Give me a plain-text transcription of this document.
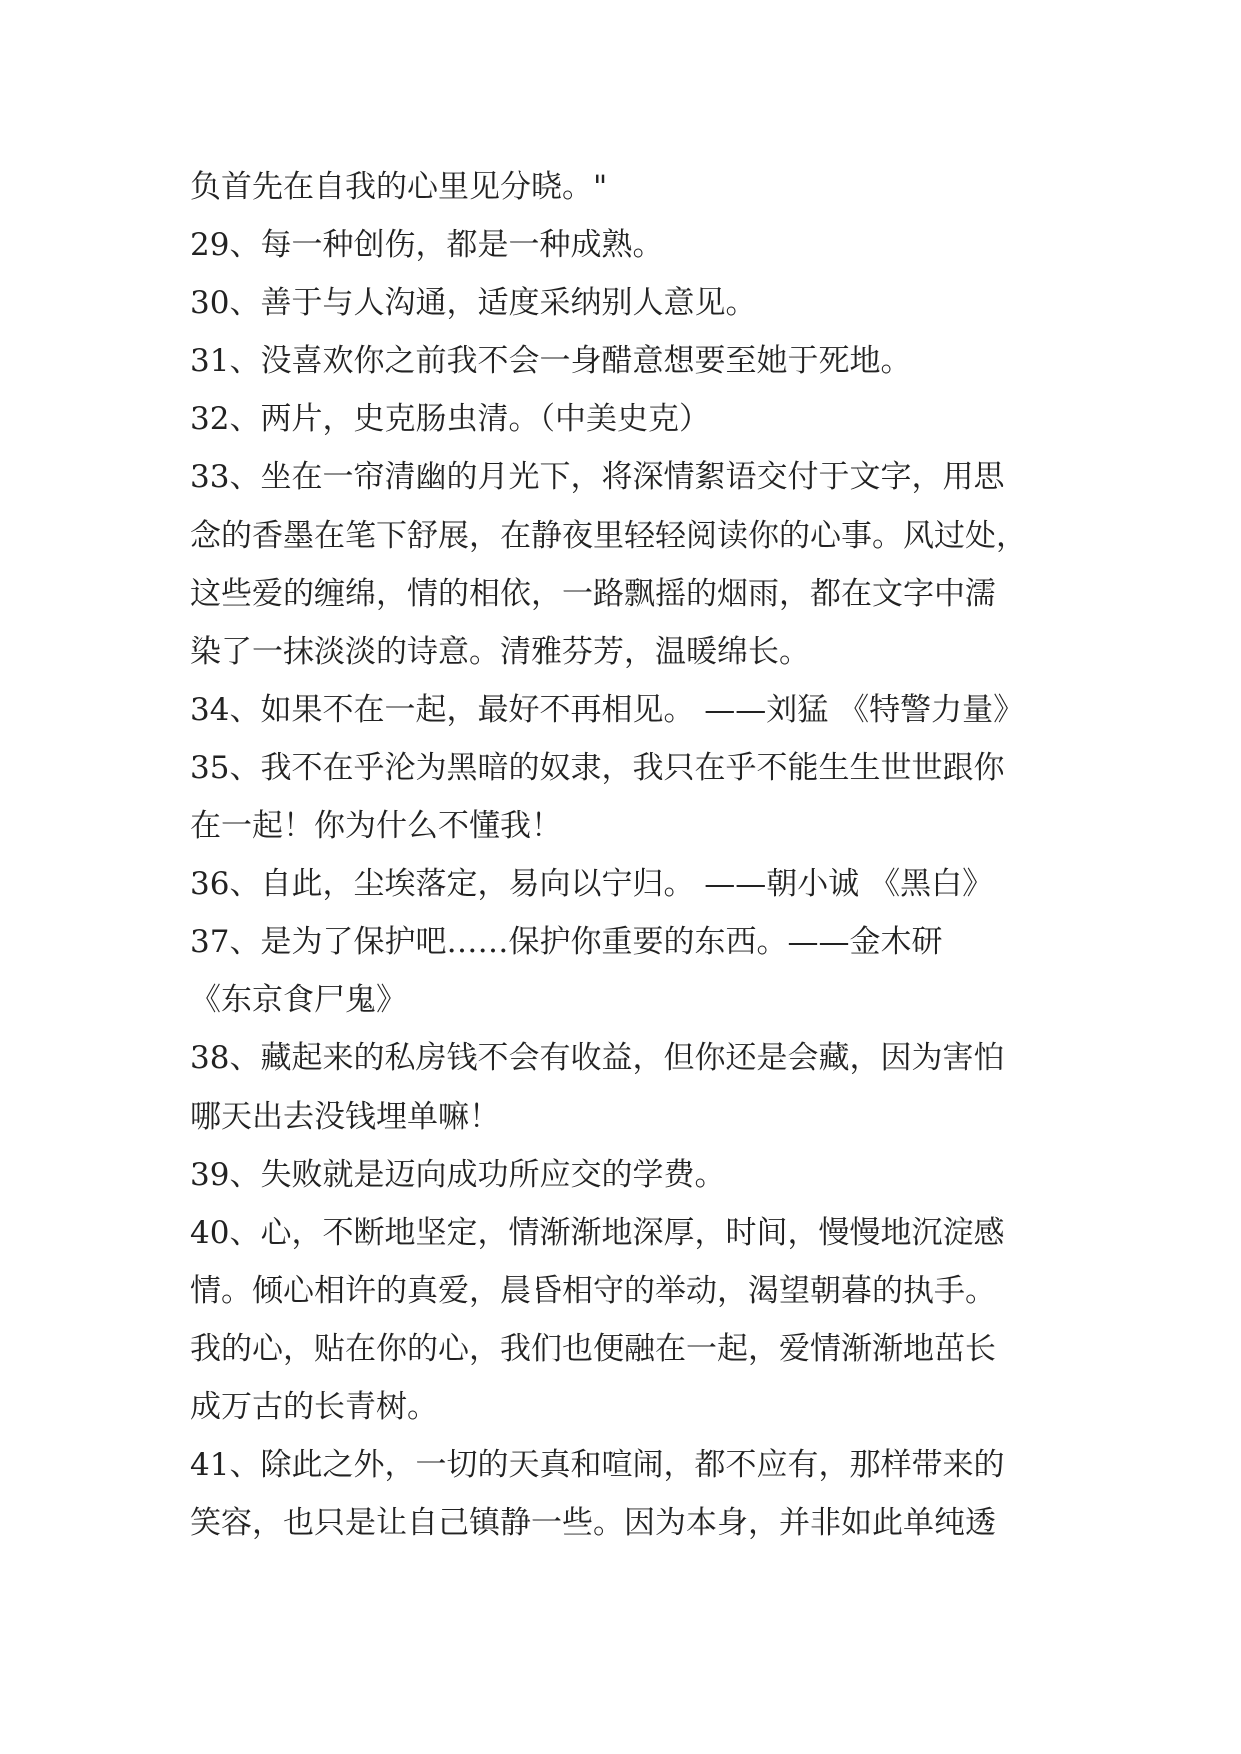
负首先在自我的心里见分晓。"
29、每一种创伤，都是一种成熟。
30、善于与人沟通，适度采纳别人意见。
31、没喜欢你之前我不会一身醋意想要至她于死地。
32、两片，史克肠虫清。（中美史克）
33、坐在一帘清幽的月光下，将深情絮语交付于文字，用思
念的香墨在笔下舒展，在静夜里轻轻阅读你的心事。风过处，
这些爱的缠绵，情的相依，一路飘摇的烟雨，都在文字中濡
染了一抹淡淡的诗意。清雅芬芳，温暖绵长。
34、如果不在一起，最好不再相见。 ——刘猛 《特警力量》
35、我不在乎沦为黑暗的奴隶，我只在乎不能生生世世跟你
在一起！你为什么不懂我！
36、自此，尘埃落定，易向以宁归。 ——朝小诚 《黑白》
37、是为了保护吧……保护你重要的东西。——金木研
《东京食尸鬼》
38、藏起来的私房钱不会有收益，但你还是会藏，因为害怕
哪天出去没钱埋单嘛！
39、失败就是迈向成功所应交的学费。
40、心，不断地坚定，情渐渐地深厚，时间，慢慢地沉淀感
情。倾心相许的真爱，晨昏相守的举动，渴望朝暮的执手。
我的心，贴在你的心，我们也便融在一起，爱情渐渐地茁长
成万古的长青树。
41、除此之外，一切的天真和喧闹，都不应有，那样带来的
笑容，也只是让自己镇静一些。因为本身，并非如此单纯透
